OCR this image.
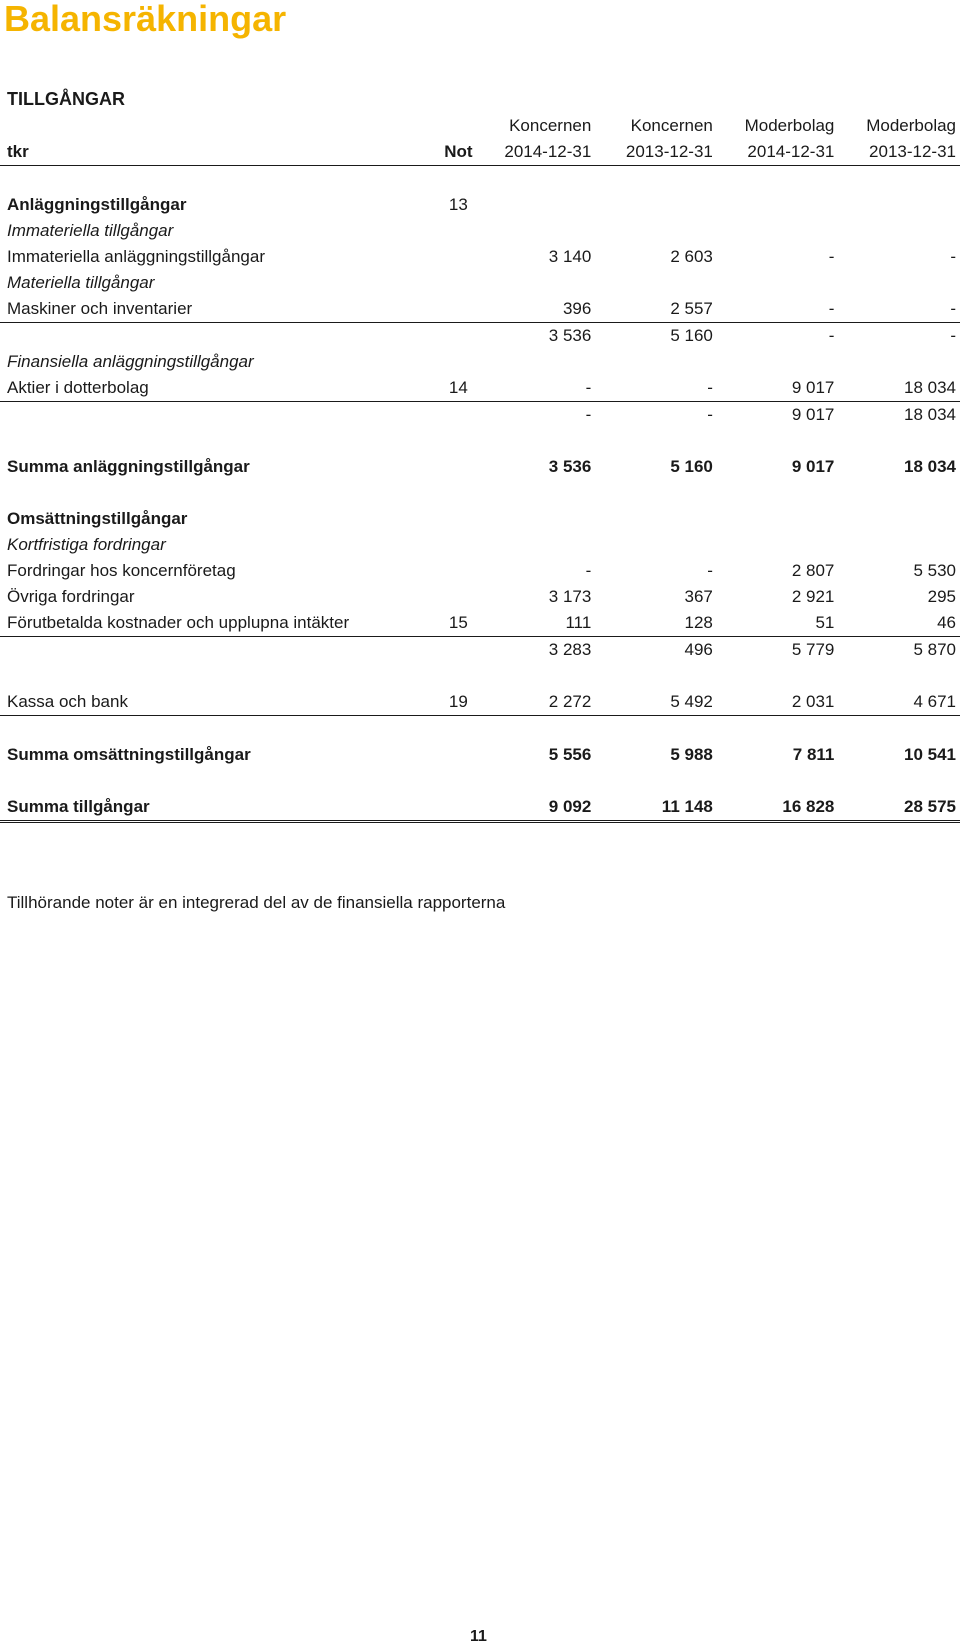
Balansräkningar
TILLGÅNGAR
		Koncernen	Koncernen	Moderbolag	Moderbolag
tkr	Not	2014-12-31	2013-12-31	2014-12-31	2013-12-31

Anläggningstillgångar	13				
Immateriella tillgångar					
Immateriella anläggningstillgångar		3 140	2 603	-	-
Materiella tillgångar					
Maskiner och inventarier		396	2 557	-	-
		3 536	5 160	-	-
Finansiella anläggningstillgångar					
Aktier i dotterbolag	14	-	-	9 017	18 034
		-	-	9 017	18 034

Summa anläggningstillgångar		3 536	5 160	9 017	18 034

Omsättningstillgångar					
Kortfristiga fordringar					
Fordringar hos koncernföretag		-	-	2 807	5 530
Övriga fordringar		3 173	367	2 921	295
Förutbetalda kostnader och upplupna intäkter	15	111	128	51	46
		3 283	496	5 779	5 870

Kassa och bank	19	2 272	5 492	2 031	4 671

Summa omsättningstillgångar		5 556	5 988	7 811	10 541

Summa tillgångar		9 092	11 148	16 828	28 575
Tillhörande noter är en integrerad del av de finansiella rapporterna
11
